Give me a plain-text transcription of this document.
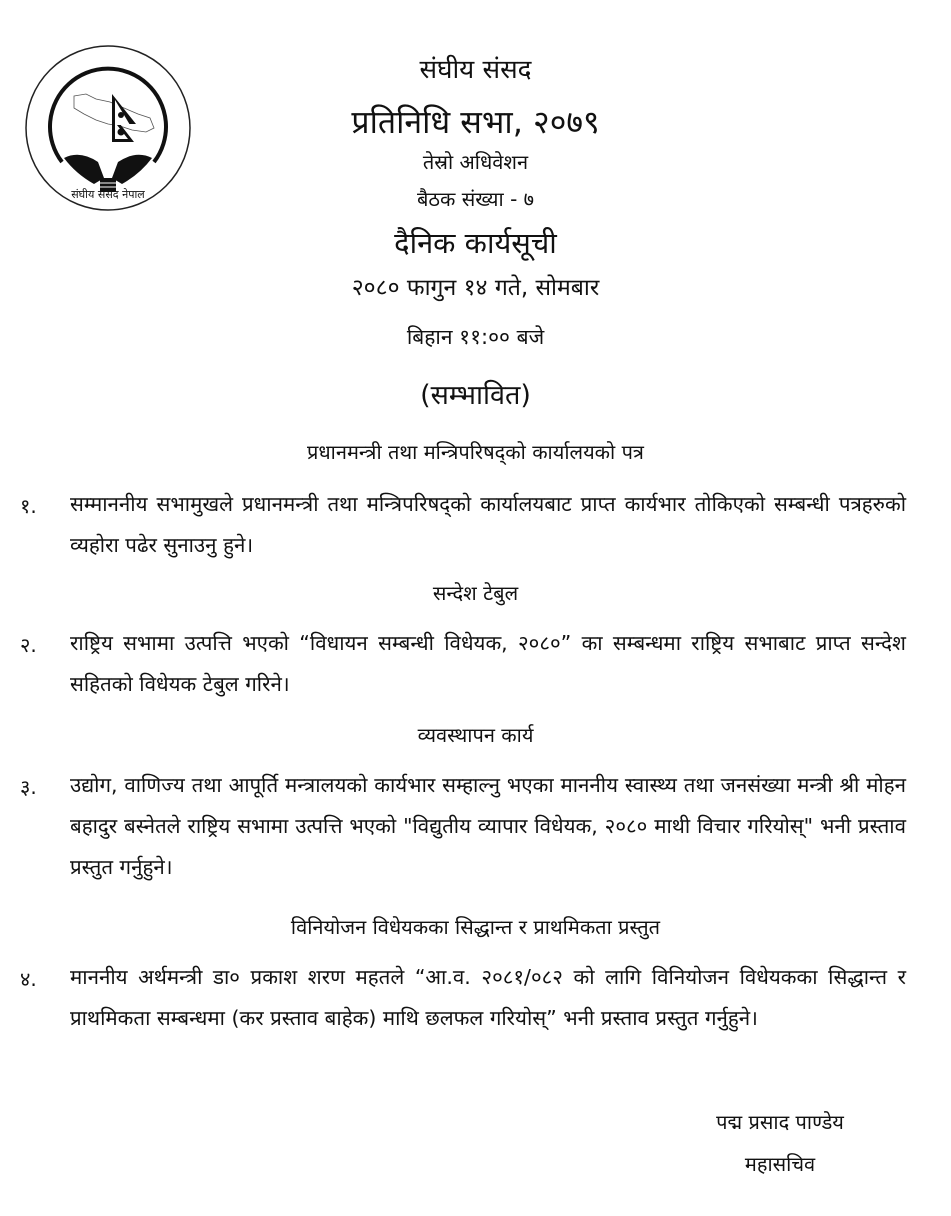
संघीय संसद नेपाल
संघीय संसद
प्रतिनिधि सभा, २०७९
तेस्रो अधिवेशन
बैठक संख्या - ७
दैनिक कार्यसूची
२०८० फागुन १४ गते, सोमबार
बिहान ११:०० बजे
(सम्भावित)
प्रधानमन्त्री तथा मन्त्रिपरिषद्को कार्यालयको पत्र
१. सम्माननीय सभामुखले प्रधानमन्त्री तथा मन्त्रिपरिषद्को कार्यालयबाट प्राप्त कार्यभार तोकिएको सम्बन्धी पत्रहरुको व्यहोरा पढेर सुनाउनु हुने।
सन्देश टेबुल
२. राष्ट्रिय सभामा उत्पत्ति भएको “विधायन सम्बन्धी विधेयक, २०८०” का सम्बन्धमा राष्ट्रिय सभाबाट प्राप्त सन्देश सहितको विधेयक टेबुल गरिने।
व्यवस्थापन कार्य
३. उद्योग, वाणिज्य तथा आपूर्ति मन्त्रालयको कार्यभार सम्हाल्नु भएका माननीय स्वास्थ्य तथा जनसंख्या मन्त्री श्री मोहन बहादुर बस्नेतले राष्ट्रिय सभामा उत्पत्ति भएको "विद्युतीय व्यापार विधेयक, २०८० माथी विचार गरियोस्" भनी प्रस्ताव प्रस्तुत गर्नुहुने।
विनियोजन विधेयकका सिद्धान्त र प्राथमिकता प्रस्तुत
४. माननीय अर्थमन्त्री डा० प्रकाश शरण महतले “आ.व. २०८१/०८२ को लागि विनियोजन विधेयकका सिद्धान्त र प्राथमिकता सम्बन्धमा (कर प्रस्ताव बाहेक) माथि छलफल गरियोस्” भनी प्रस्ताव प्रस्तुत गर्नुहुने।
पद्म प्रसाद पाण्डेय
महासचिव
